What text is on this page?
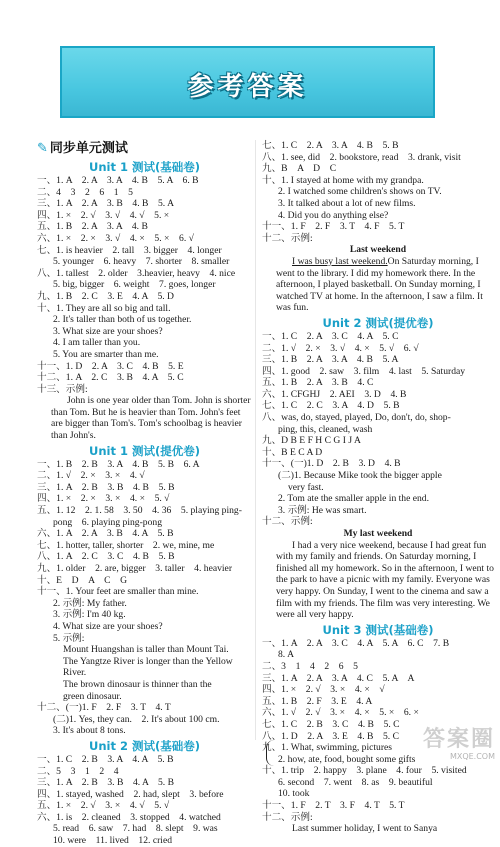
参考答案
✎ 同步单元测试
Unit 1 测试(基础卷)
一、1. A　2. A　3. A　4. B　5. A　6. B
二、4　3　2　6　1　5
三、1. A　2. A　3. B　4. B　5. A
四、1. ×　2. √　3. √　4. √　5. ×
五、1. B　2. A　3. A　4. B
六、1. ×　2. ×　3. √　4. ×　5. ×　6. √
七、1. is heavier　2. tall　3. bigger　4. longer
5. younger　6. heavy　7. shorter　8. smaller
八、1. tallest　2. older　3.heavier, heavy　4. nice
5. big, bigger　6. weight　7. goes, longer
九、1. B　2. C　3. E　4. A　5. D
十、1. They are all so big and tall.
2. It's taller than both of us together.
3. What size are your shoes?
4. I am taller than you.
5. You are smarter than me.
十一、1. D　2. A　3. C　4. B　5. E
十二、1. A　2. C　3. B　4. A　5. C
十三、示例:
John is one year older than Tom. John is shorter than Tom. But he is heavier than Tom. John's feet are bigger than Tom's. Tom's schoolbag is heavier than John's.
Unit 1 测试(提优卷)
一、1. B　2. B　3. A　4. B　5. B　6. A
二、1. √　2. ×　3. ×　4. √
三、1. A　2. B　3. B　4. B　5. B
四、1. ×　2. ×　3. ×　4. ×　5. √
五、1. 12　2. 1. 58　3. 50　4. 36　5. playing ping-
pong　6. playing ping-pong
六、1. A　2. A　3. B　4. A　5. B
七、1. hotter, taller, shorter　2. we, mine, me
八、1. A　2. C　3. C　4. B　5. B
九、1. older　2. are, bigger　3. taller　4. heavier
十、E　D　A　C　G
十一、1. Your feet are smaller than mine.
2. 示例: My father.
3. 示例: I'm 40 kg.
4. What size are your shoes?
5. 示例:
Mount Huangshan is taller than Mount Tai.
The Yangtze River is longer than the Yellow
River.
The brown dinosaur is thinner than the
green dinosaur.
十二、(一)1. F　2. F　3. T　4. T
(二)1. Yes, they can.　2. It's about 100 cm.
3. It's about 8 tons.
Unit 2 测试(基础卷)
一、1. C　2. B　3. A　4. A　5. B
二、5　3　1　2　4
三、1. A　2. B　3. B　4. A　5. B
四、1. stayed, washed　2. had, slept　3. before
五、1. ×　2. √　3. ×　4. √　5. √
六、1. is　2. cleaned　3. stopped　4. watched
5. read　6. saw　7. had　8. slept　9. was
10. were　11. lived　12. cried
七、1. C　2. A　3. A　4. B　5. B
八、1. see, did　2. bookstore, read　3. drank, visit
九、B　A　D　C
十、1. I stayed at home with my grandpa.
2. I watched some children's shows on TV.
3. It talked about a lot of new films.
4. Did you do anything else?
十一、1. F　2. F　3. T　4. F　5. T
十二、示例:
Last weekend
I was busy last weekend.On Saturday morning, I went to the library. I did my homework there. In the afternoon, I played basketball. On Sunday morning, I watched TV at home. In the afternoon, I saw a film. It was fun.
Unit 2 测试(提优卷)
一、1. C　2. A　3. C　4. A　5. C
二、1. √　2. ×　3. √　4. ×　5. √　6. √
三、1. B　2. A　3. A　4. B　5. A
四、1. good　2. saw　3. film　4. last　5. Saturday
五、1. B　2. A　3. B　4. C
六、1. CFGHJ　2. AEI　3. D　4. B
七、1. C　2. C　3. A　4. D　5. B
八、was, do, stayed, played, Do, don't, do, shop-
ping, this, cleaned, wash
九、D B E F H C G I J A
十、B E C A D
十一、(一)1. D　2. B　3. D　4. B
(二)1. Because Mike took the bigger apple
very fast.
2. Tom ate the smaller apple in the end.
3. 示例: He was smart.
十二、示例:
My last weekend
I had a very nice weekend, because I had great fun with my family and friends. On Saturday morning, I finished all my homework. So in the afternoon, I went to the park to have a picnic with my family. Everyone was very happy. On Sunday, I went to the cinema and saw a film with my friends. The film was very interesting. We were all very happy.
Unit 3 测试(基础卷)
一、1. A　2. A　3. C　4. A　5. A　6. C　7. B
8. A
二、3　1　4　2　6　5
三、1. A　2. A　3. A　4. C　5. A　A
四、1. ×　2. √　3. ×　4. ×　√
五、1. B　2. F　3. E　4. A
六、1. √　2. √　3. ×　4. ×　5. ×　6. ×
七、1. C　2. B　3. C　4. B　5. C
八、1. D　2. A　3. E　4. B　5. C
九、1. What, swimming, pictures
2. how, ate, food, bought some gifts
十、1. trip　2. happy　3. plane　4. four　5. visited
6. second　7. went　8. as　9. beautiful
10. took
十一、1. F　2. T　3. F　4. T　5. T
十二、示例:
Last summer holiday, I went to Sanya
答案圈
MXQE.COM
